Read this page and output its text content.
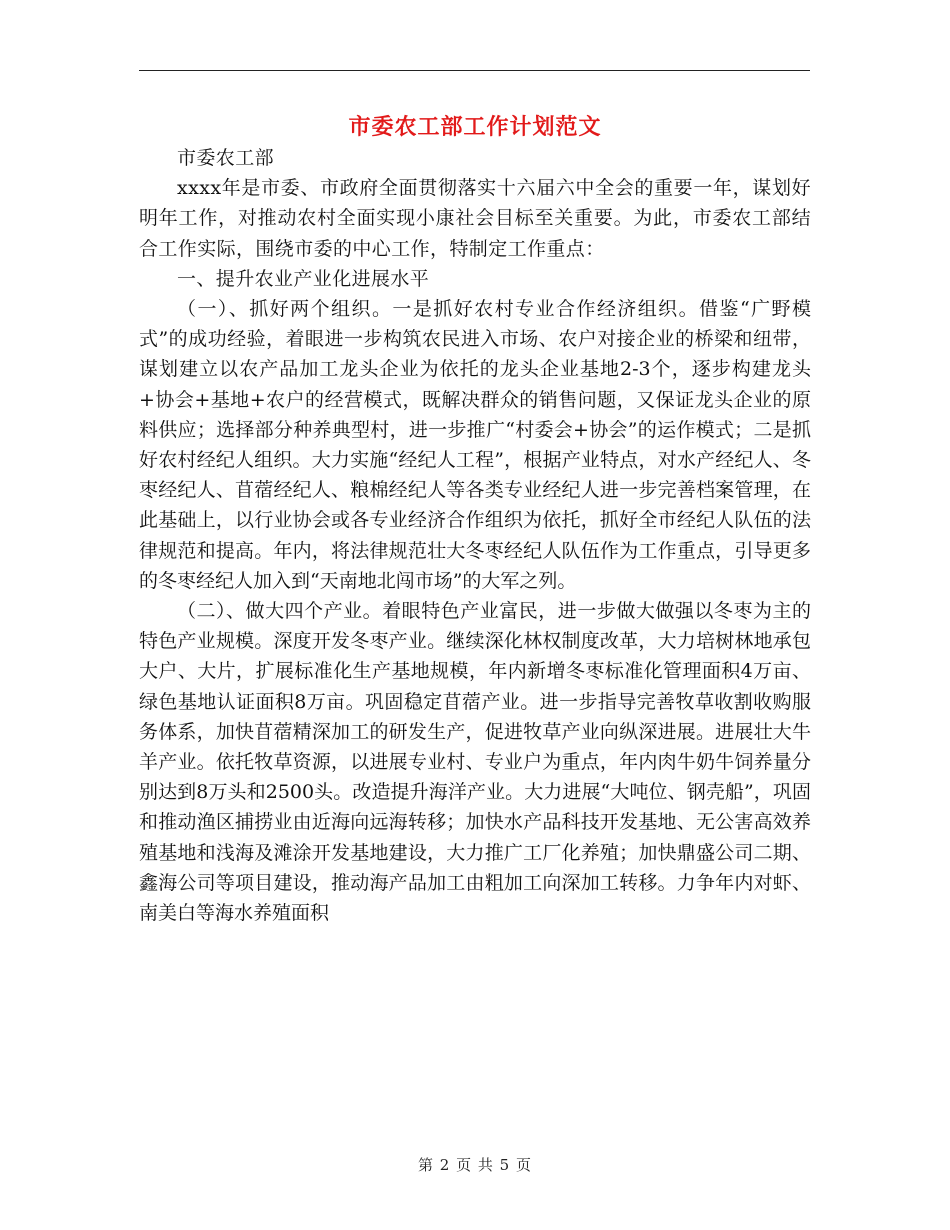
市委农工部工作计划范文

市委农工部

xxxx年是市委、市政府全面贯彻落实十六届六中全会的重要一年，谋划好明年工作，对推动农村全面实现小康社会目标至关重要。为此，市委农工部结合工作实际，围绕市委的中心工作，特制定工作重点：

一、提升农业产业化进展水平

（一）、抓好两个组织。一是抓好农村专业合作经济组织。借鉴“广野模式”的成功经验，着眼进一步构筑农民进入市场、农户对接企业的桥梁和纽带，谋划建立以农产品加工龙头企业为依托的龙头企业基地2-3个，逐步构建龙头+协会+基地+农户的经营模式，既解决群众的销售问题，又保证龙头企业的原料供应；选择部分种养典型村，进一步推广“村委会+协会”的运作模式；二是抓好农村经纪人组织。大力实施“经纪人工程”，根据产业特点，对水产经纪人、冬枣经纪人、苜蓿经纪人、粮棉经纪人等各类专业经纪人进一步完善档案管理，在此基础上，以行业协会或各专业经济合作组织为依托，抓好全市经纪人队伍的法律规范和提高。年内，将法律规范壮大冬枣经纪人队伍作为工作重点，引导更多的冬枣经纪人加入到“天南地北闯市场”的大军之列。

（二）、做大四个产业。着眼特色产业富民，进一步做大做强以冬枣为主的特色产业规模。深度开发冬枣产业。继续深化林权制度改革，大力培树林地承包大户、大片，扩展标准化生产基地规模，年内新增冬枣标准化管理面积4万亩、绿色基地认证面积8万亩。巩固稳定苜蓿产业。进一步指导完善牧草收割收购服务体系，加快苜蓿精深加工的研发生产，促进牧草产业向纵深进展。进展壮大牛羊产业。依托牧草资源，以进展专业村、专业户为重点，年内肉牛奶牛饲养量分别达到8万头和2500头。改造提升海洋产业。大力进展“大吨位、钢壳船”，巩固和推动渔区捕捞业由近海向远海转移；加快水产品科技开发基地、无公害高效养殖基地和浅海及滩涂开发基地建设，大力推广工厂化养殖；加快鼎盛公司二期、鑫海公司等项目建设，推动海产品加工由粗加工向深加工转移。力争年内对虾、南美白等海水养殖面积

第 2 页 共 5 页
